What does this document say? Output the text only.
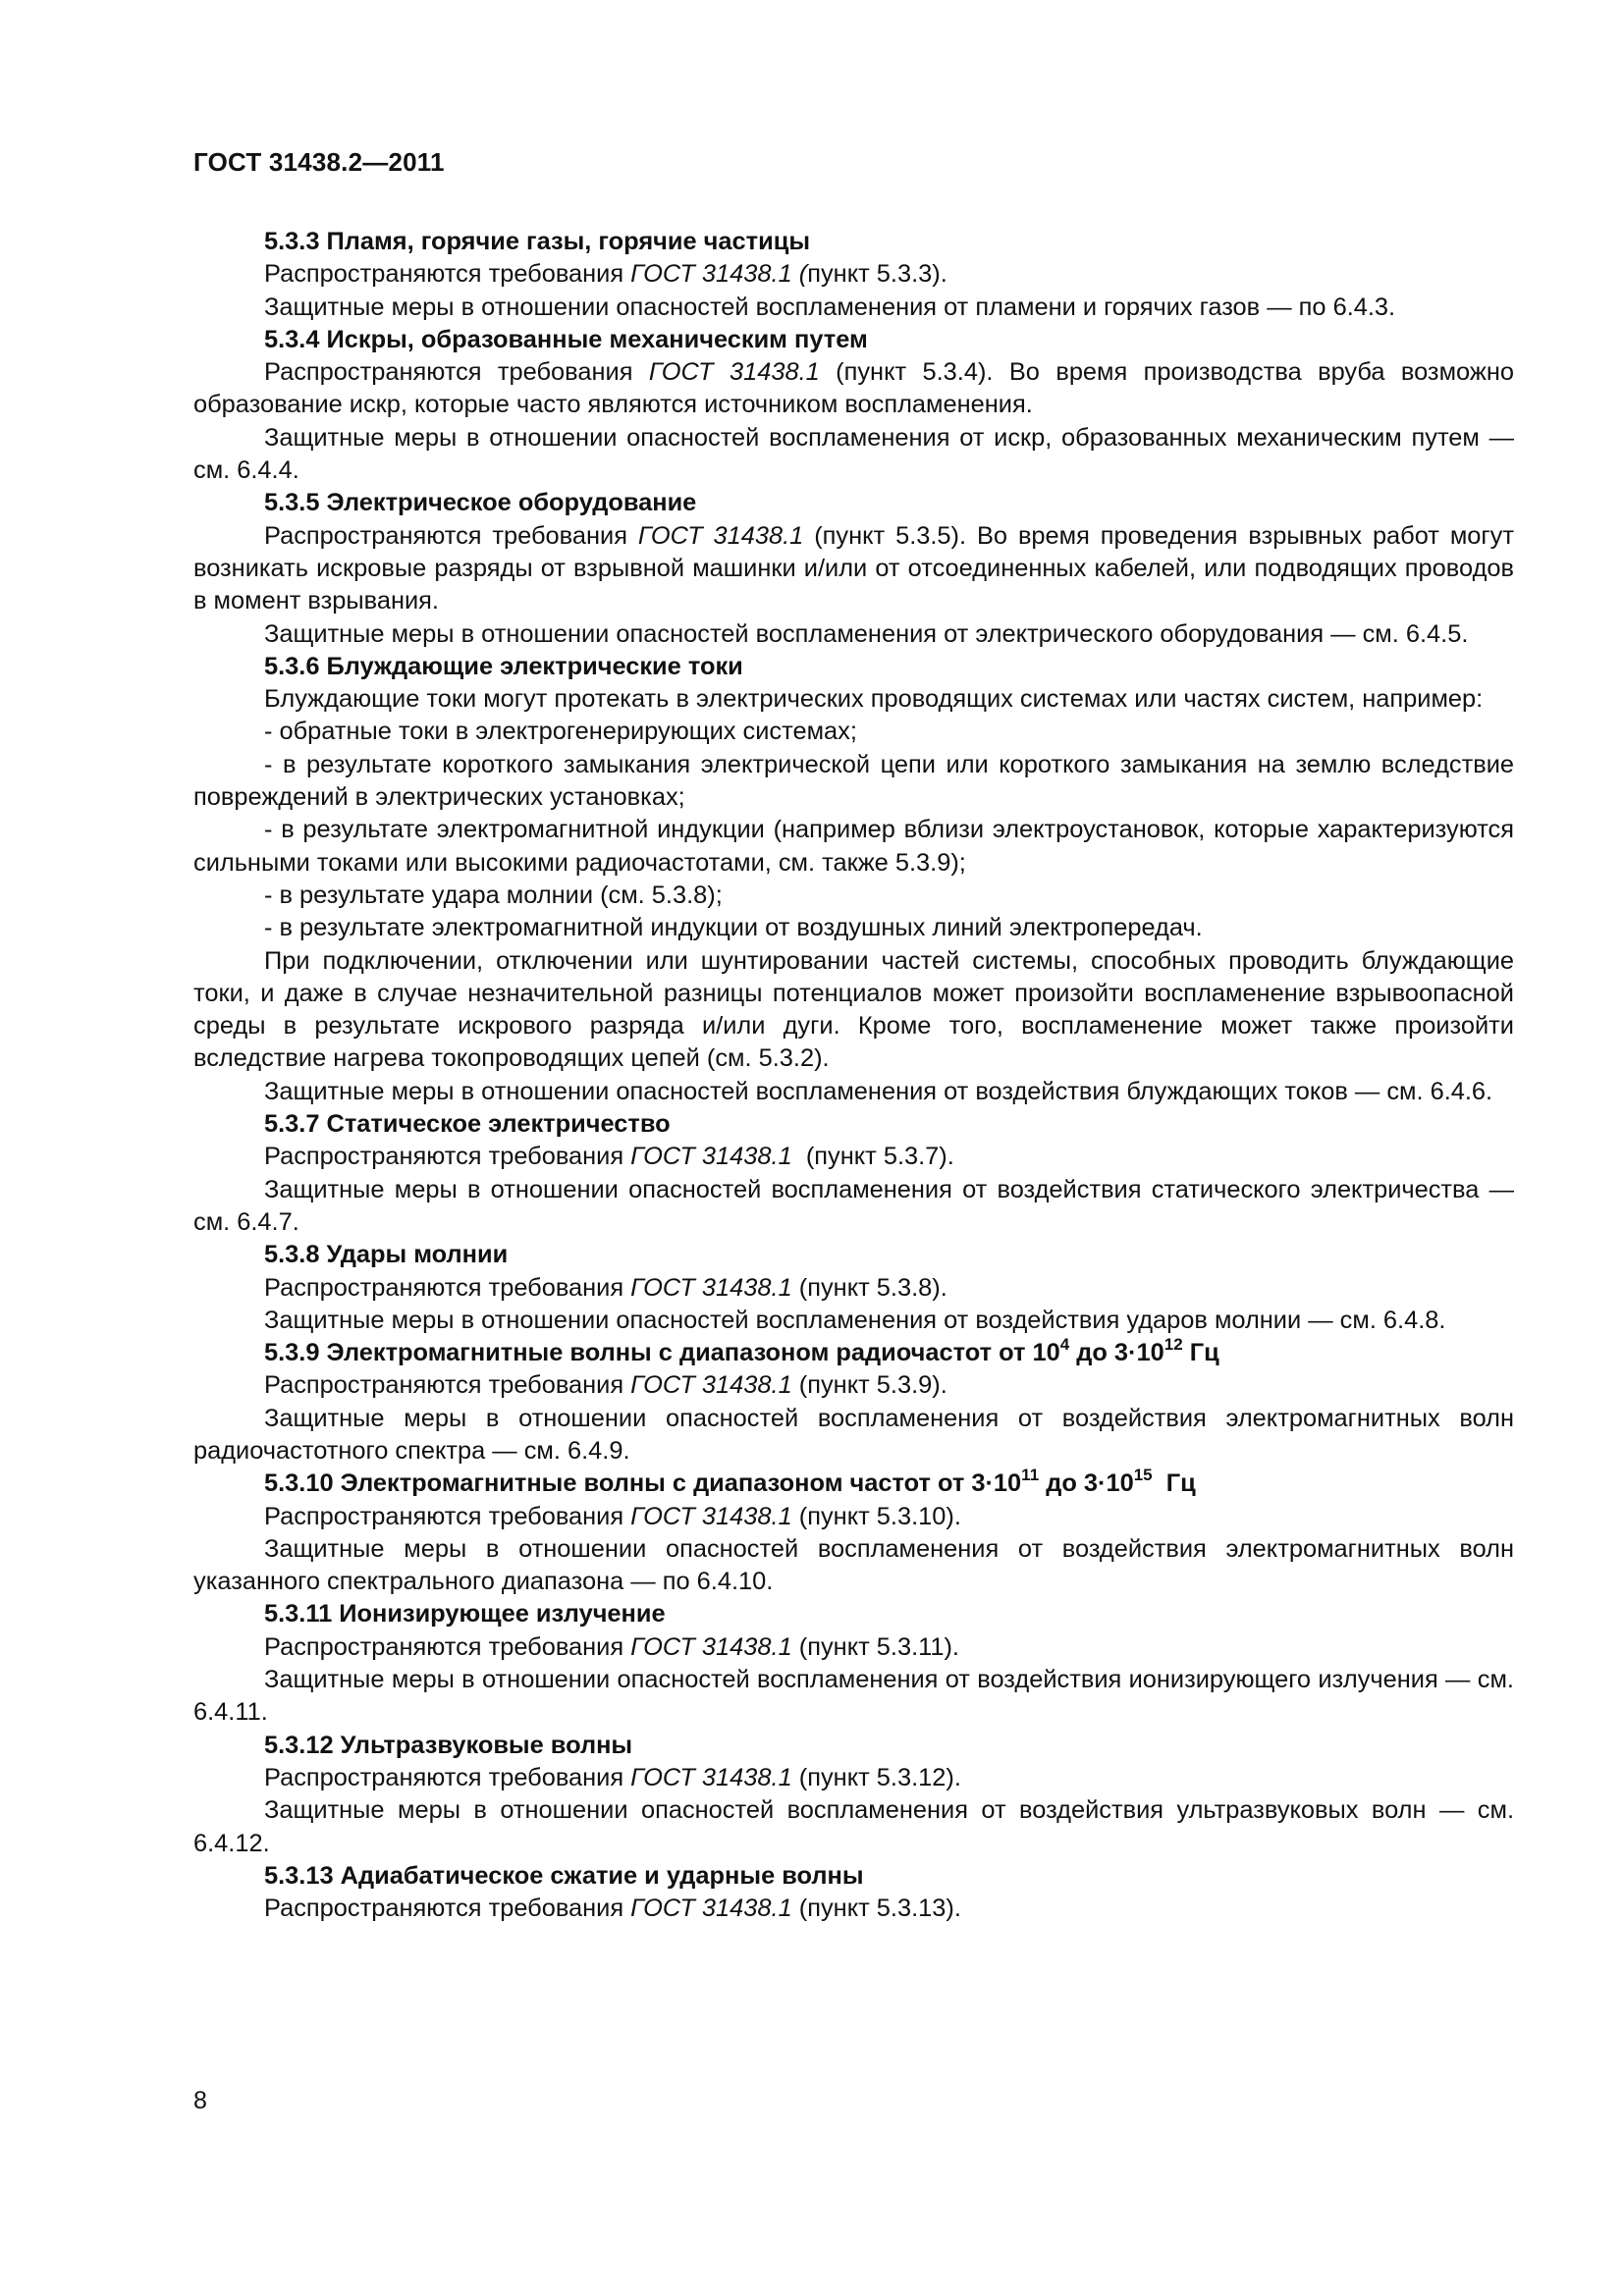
ГОСТ 31438.2—2011

5.3.3 Пламя, горячие газы, горячие частицы

Распространяются требования ГОСТ 31438.1 (пункт 5.3.3).

Защитные меры в отношении опасностей воспламенения от пламени и горячих газов — по 6.4.3.

5.3.4 Искры, образованные механическим путем

Распространяются требования ГОСТ 31438.1 (пункт 5.3.4). Во время производства вруба возможно образование искр, которые часто являются источником воспламенения.

Защитные меры в отношении опасностей воспламенения от искр, образованных механическим путем — см. 6.4.4.

5.3.5 Электрическое оборудование

Распространяются требования ГОСТ 31438.1 (пункт 5.3.5). Во время проведения взрывных работ могут возникать искровые разряды от взрывной машинки и/или от отсоединенных кабелей, или подводящих проводов в момент взрывания.

Защитные меры в отношении опасностей воспламенения от электрического оборудования — см. 6.4.5.

5.3.6 Блуждающие электрические токи

Блуждающие токи могут протекать в электрических проводящих системах или частях систем, например:

- обратные токи в электрогенерирующих системах;

- в результате короткого замыкания электрической цепи или короткого замыкания на землю вследствие повреждений в электрических установках;

- в результате электромагнитной индукции (например вблизи электроустановок, которые характеризуются сильными токами или высокими радиочастотами, см. также 5.3.9);

- в результате удара молнии (см. 5.3.8);

- в результате электромагнитной индукции от воздушных линий электропередач.

При подключении, отключении или шунтировании частей системы, способных проводить блуждающие токи, и даже в случае незначительной разницы потенциалов может произойти воспламенение взрывоопасной среды в результате искрового разряда и/или дуги. Кроме того, воспламенение может также произойти вследствие нагрева токопроводящих цепей (см. 5.3.2).

Защитные меры в отношении опасностей воспламенения от воздействия блуждающих токов — см. 6.4.6.

5.3.7 Статическое электричество

Распространяются требования ГОСТ 31438.1  (пункт 5.3.7).

Защитные меры в отношении опасностей воспламенения от воздействия статического электричества — см. 6.4.7.

5.3.8 Удары молнии

Распространяются требования ГОСТ 31438.1 (пункт 5.3.8).

Защитные меры в отношении опасностей воспламенения от воздействия ударов молнии — см. 6.4.8.

5.3.9 Электромагнитные волны с диапазоном радиочастот от $10^4$ до $3\cdot 10^{12}$ Гц

Распространяются требования ГОСТ 31438.1 (пункт 5.3.9).

Защитные меры в отношении опасностей воспламенения от воздействия электромагнитных волн радиочастотного спектра — см. 6.4.9.

5.3.10 Электромагнитные волны с диапазоном частот от $3\cdot 10^{11}$ до $3\cdot 10^{15}$  Гц

Распространяются требования ГОСТ 31438.1 (пункт 5.3.10).

Защитные меры в отношении опасностей воспламенения от воздействия электромагнитных волн указанного спектрального диапазона — по 6.4.10.

5.3.11 Ионизирующее излучение

Распространяются требования ГОСТ 31438.1 (пункт 5.3.11).

Защитные меры в отношении опасностей воспламенения от воздействия ионизирующего излучения — см. 6.4.11.

5.3.12 Ультразвуковые волны

Распространяются требования ГОСТ 31438.1 (пункт 5.3.12).

Защитные меры в отношении опасностей воспламенения от воздействия ультразвуковых волн — см. 6.4.12.

5.3.13 Адиабатическое сжатие и ударные волны

Распространяются требования ГОСТ 31438.1 (пункт 5.3.13).

8
